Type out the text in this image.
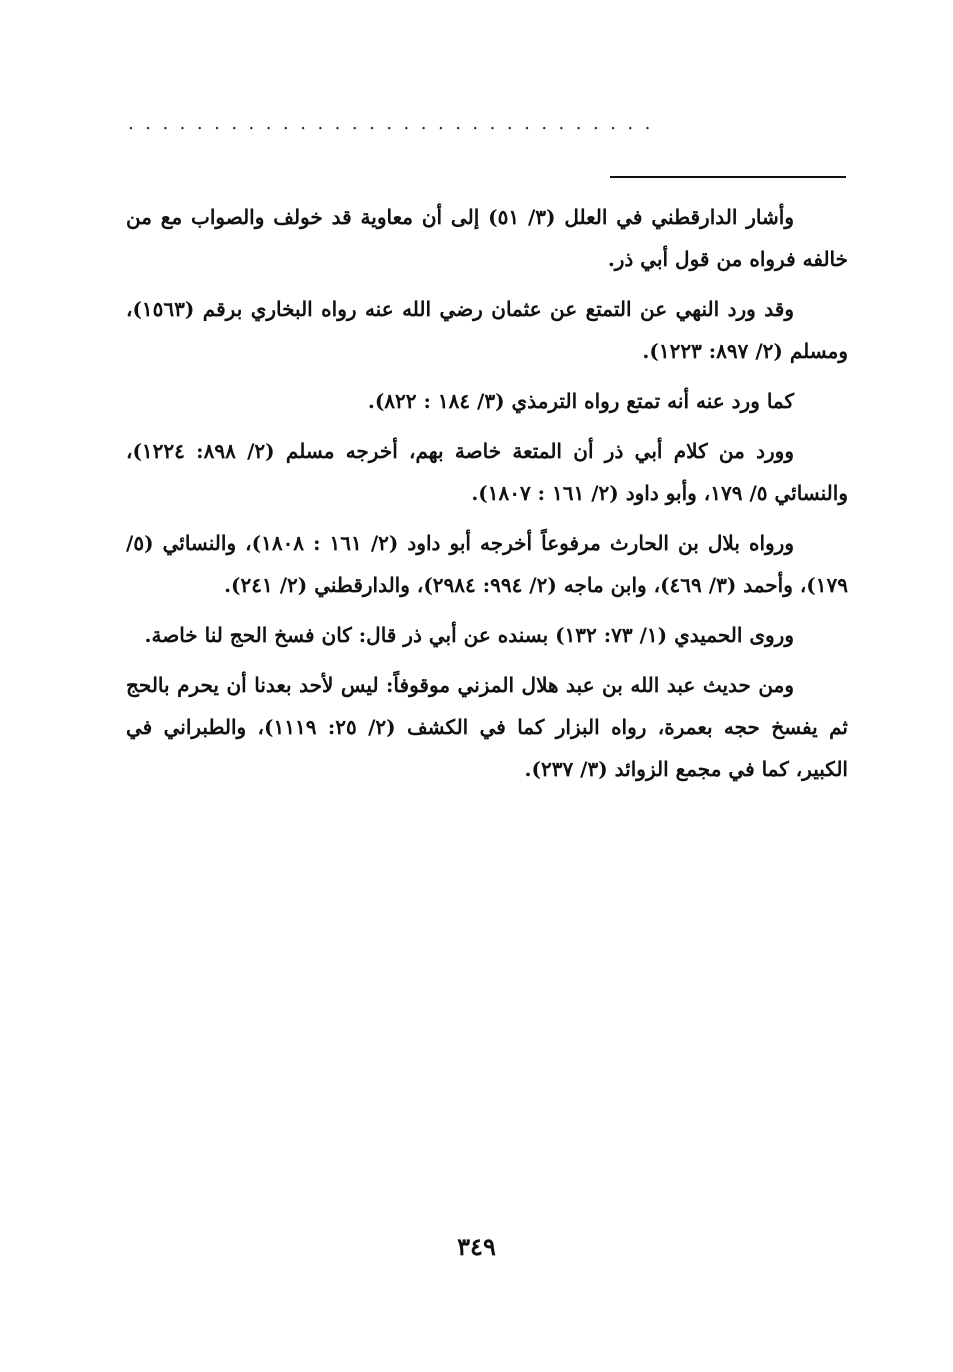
...............................

وأشار الدارقطني في العلل (٣/ ٥١) إلى أن معاوية قد خولف والصواب مع من خالفه فرواه من قول أبي ذر.

وقد ورد النهي عن التمتع عن عثمان رضي الله عنه رواه البخاري برقم (١٥٦٣)، ومسلم (٢/ ٨٩٧: ١٢٢٣).

كما ورد عنه أنه تمتع رواه الترمذي (٣/ ١٨٤ : ٨٢٢).

وورد من كلام أبي ذر أن المتعة خاصة بهم، أخرجه مسلم (٢/ ٨٩٨: ١٢٢٤)، والنسائي ٥/ ١٧٩، وأبو داود (٢/ ١٦١ : ١٨٠٧).

ورواه بلال بن الحارث مرفوعاً أخرجه أبو داود (٢/ ١٦١ : ١٨٠٨)، والنسائي (٥/ ١٧٩)، وأحمد (٣/ ٤٦٩)، وابن ماجه (٢/ ٩٩٤: ٢٩٨٤)، والدارقطني (٢/ ٢٤١).

وروى الحميدي (١/ ٧٣: ١٣٢) بسنده عن أبي ذر قال: كان فسخ الحج لنا خاصة.

ومن حديث عبد الله بن عبد هلال المزني موقوفاً: ليس لأحد بعدنا أن يحرم بالحج ثم يفسخ حجه بعمرة، رواه البزار كما في الكشف (٢/ ٢٥: ١١١٩)، والطبراني في الكبير، كما في مجمع الزوائد (٣/ ٢٣٧).

٣٤٩
